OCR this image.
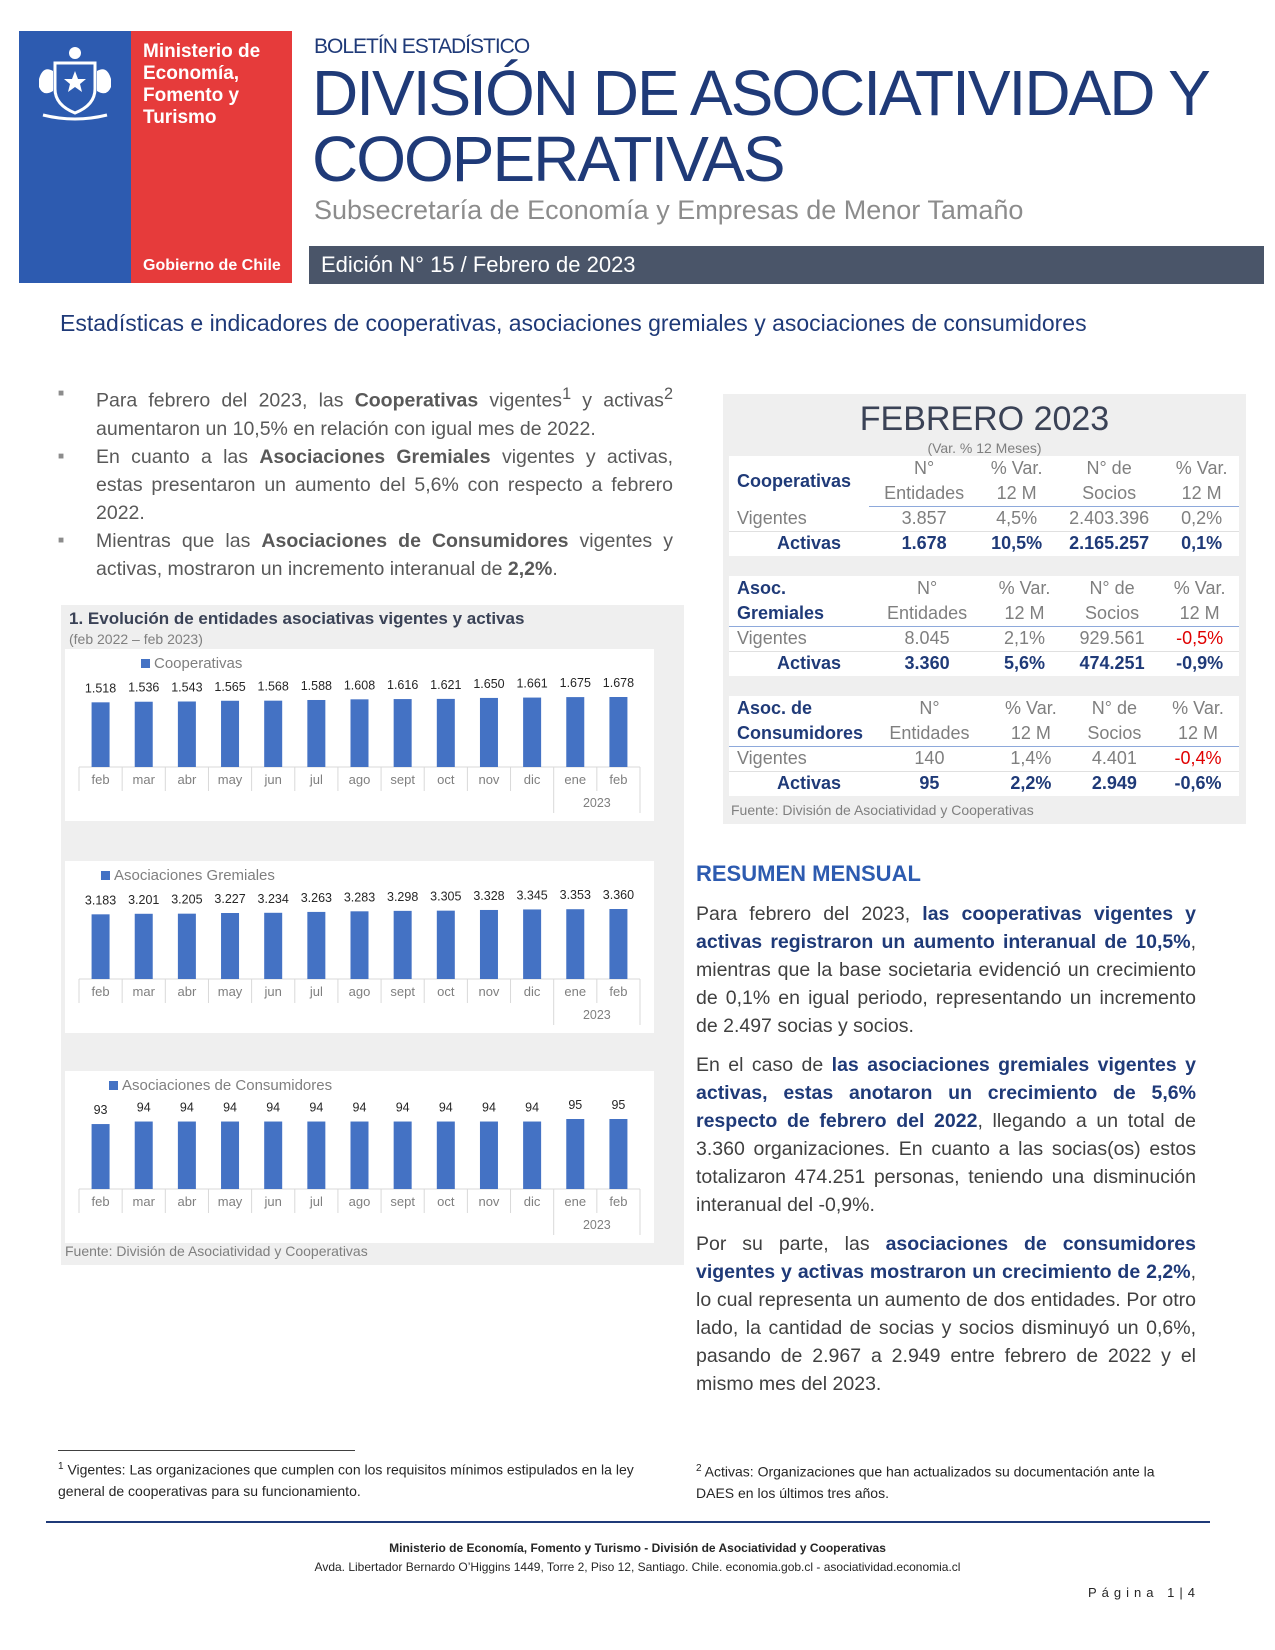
Ministerio de
Economía,
Fomento y
Turismo
Gobierno de Chile
BOLETÍN ESTADÍSTICO
DIVISIÓN DE ASOCIATIVIDAD Y COOPERATIVAS
Subsecretaría de Economía y Empresas de Menor Tamaño
Edición N° 15 / Febrero de 2023
Estadísticas e indicadores de cooperativas, asociaciones gremiales y asociaciones de consumidores
■ Para febrero del 2023, las Cooperativas vigentes$^1$ y activas$^2$ aumentaron un 10,5% en relación con igual mes de 2022.
■ En cuanto a las Asociaciones Gremiales vigentes y activas, estas presentaron un aumento del 5,6% con respecto a febrero 2022.
■ Mientras que las Asociaciones de Consumidores vigentes y activas, mostraron un incremento interanual de 2,2%.
FEBRERO 2023
(Var. % 12 Meses)
Cooperativas	N°	% Var.	N° de	% Var.
	Entidades	12 M	Socios	12 M
Vigentes	3.857	4,5%	2.403.396	0,2%
Activas	1.678	10,5%	2.165.257	0,1%
Asoc.	N°	% Var.	N° de	% Var.
Gremiales	Entidades	12 M	Socios	12 M
Vigentes	8.045	2,1%	929.561	-0,5%
Activas	3.360	5,6%	474.251	-0,9%
Asoc. de	N°	% Var.	N° de	% Var.
Consumidores	Entidades	12 M	Socios	12 M
Vigentes	140	1,4%	4.401	-0,4%
Activas	95	2,2%	2.949	-0,6%
Fuente: División de Asociatividad y Cooperativas
1. Evolución de entidades asociativas vigentes y activas
(feb 2022 – feb 2023)
Cooperativas
1.518
feb
1.536
mar
1.543
abr
1.565
may
1.568
jun
1.588
jul
1.608
ago
1.616
sept
1.621
oct
1.650
nov
1.661
dic
1.675
ene
1.678
feb
2023
Asociaciones Gremiales
3.183
feb
3.201
mar
3.205
abr
3.227
may
3.234
jun
3.263
jul
3.283
ago
3.298
sept
3.305
oct
3.328
nov
3.345
dic
3.353
ene
3.360
feb
2023
Asociaciones de Consumidores
93
feb
94
mar
94
abr
94
may
94
jun
94
jul
94
ago
94
sept
94
oct
94
nov
94
dic
95
ene
95
feb
2023
Fuente: División de Asociatividad y Cooperativas
RESUMEN MENSUAL

Para febrero del 2023, las cooperativas vigentes y activas registraron un aumento interanual de 10,5%, mientras que la base societaria evidenció un crecimiento de 0,1% en igual periodo, representando un incremento de 2.497 socias y socios.

En el caso de las asociaciones gremiales vigentes y activas, estas anotaron un crecimiento de 5,6% respecto de febrero del 2022, llegando a un total de 3.360 organizaciones. En cuanto a las socias(os) estos totalizaron 474.251 personas, teniendo una disminución interanual del -0,9%.

Por su parte, las asociaciones de consumidores vigentes y activas mostraron un crecimiento de 2,2%, lo cual representa un aumento de dos entidades. Por otro lado, la cantidad de socias y socios disminuyó un 0,6%, pasando de 2.967 a 2.949 entre febrero de 2022 y el mismo mes del 2023.

$^1$ Vigentes: Las organizaciones que cumplen con los requisitos mínimos estipulados en la ley general de cooperativas para su funcionamiento.
$^2$ Activas: Organizaciones que han actualizados su documentación ante la DAES en los últimos tres años.
Ministerio de Economía, Fomento y Turismo - División de Asociatividad y Cooperativas
Avda. Libertador Bernardo O’Higgins 1449, Torre 2, Piso 12, Santiago. Chile. economia.gob.cl - asociatividad.economia.cl
Página 1|4
